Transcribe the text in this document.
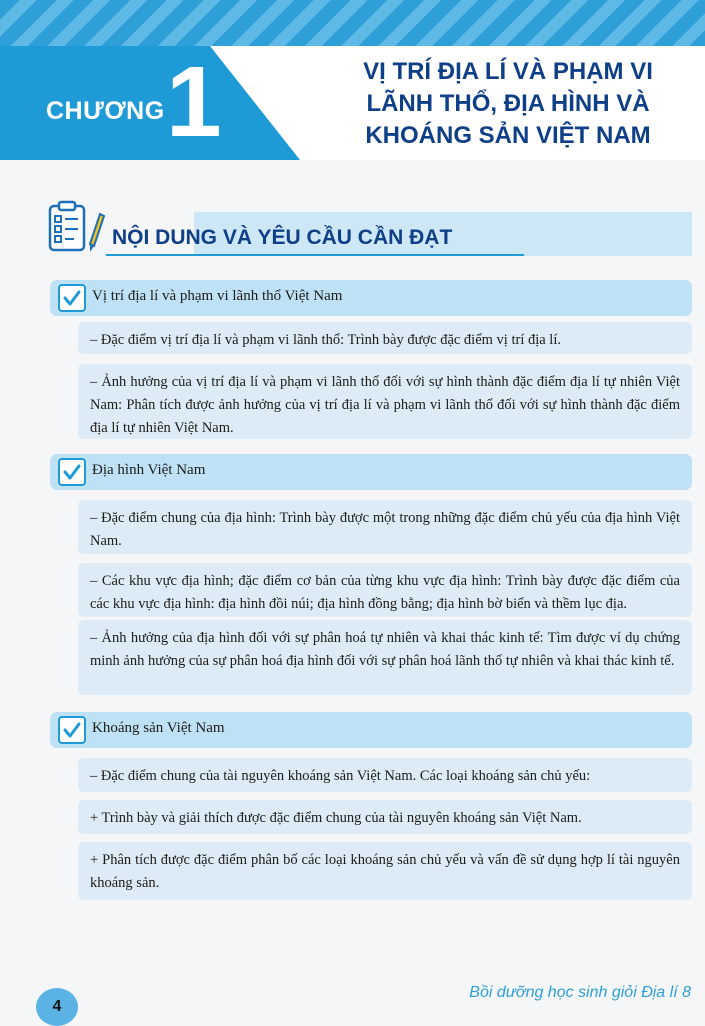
CHƯƠNG 1	VỊ TRÍ ĐỊA LÍ VÀ PHẠM VI
LÃNH THỔ, ĐỊA HÌNH VÀ
KHOÁNG SẢN VIỆT NAM
NỘI DUNG VÀ YÊU CẦU CẦN ĐẠT
Vị trí địa lí và phạm vi lãnh thổ Việt Nam
– Đặc điểm vị trí địa lí và phạm vi lãnh thổ: Trình bày được đặc điểm vị trí địa lí.
– Ảnh hưởng của vị trí địa lí và phạm vi lãnh thổ đối với sự hình thành đặc điểm địa lí tự nhiên Việt Nam: Phân tích được ảnh hưởng của vị trí địa lí và phạm vi lãnh thổ đối với sự hình thành đặc điểm địa lí tự nhiên Việt Nam.
Địa hình Việt Nam
– Đặc điểm chung của địa hình: Trình bày được một trong những đặc điểm chủ yếu của địa hình Việt Nam.
– Các khu vực địa hình; đặc điểm cơ bản của từng khu vực địa hình: Trình bày được đặc điểm của các khu vực địa hình: địa hình đồi núi; địa hình đồng bằng; địa hình bờ biển và thềm lục địa.
– Ảnh hưởng của địa hình đối với sự phân hoá tự nhiên và khai thác kinh tế: Tìm được ví dụ chứng minh ảnh hưởng của sự phân hoá địa hình đối với sự phân hoá lãnh thổ tự nhiên và khai thác kinh tế.
Khoáng sản Việt Nam
– Đặc điểm chung của tài nguyên khoáng sản Việt Nam. Các loại khoáng sản chủ yếu:
+ Trình bày và giải thích được đặc điểm chung của tài nguyên khoáng sản Việt Nam.
+ Phân tích được đặc điểm phân bố các loại khoáng sản chủ yếu và vấn đề sử dụng hợp lí tài nguyên khoáng sản.
4
Bồi dưỡng học sinh giỏi Địa lí 8
